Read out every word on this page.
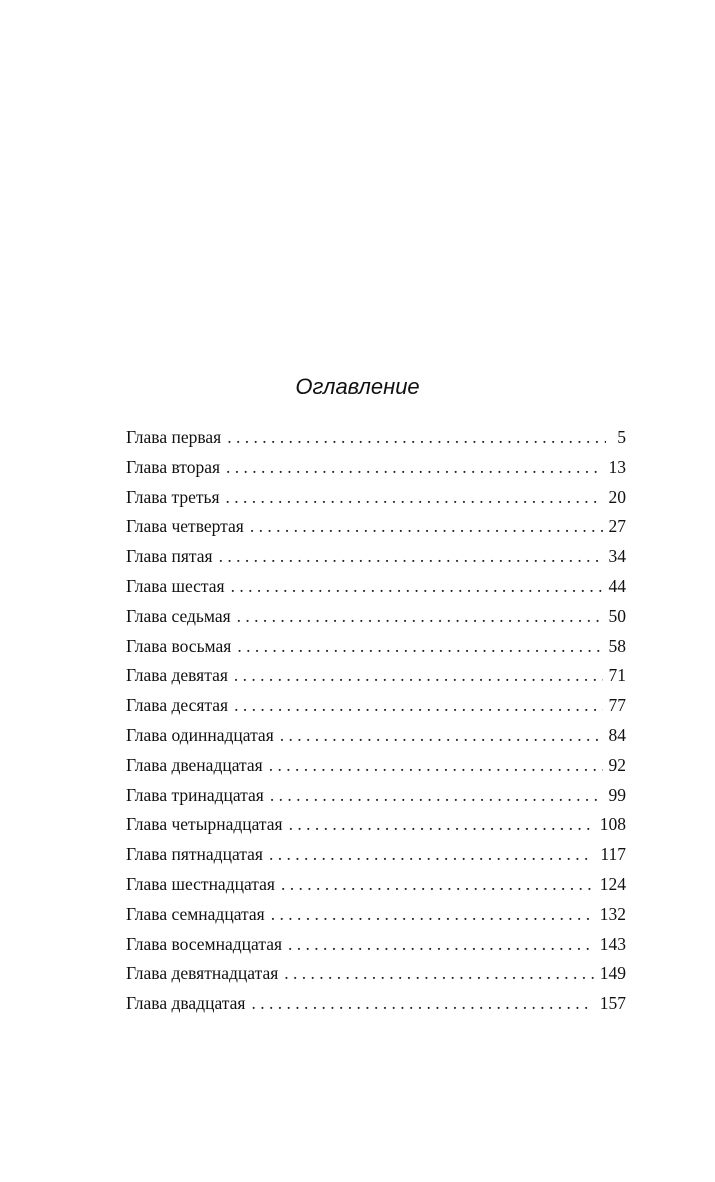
Оглавление
Глава первая . . .	5
Глава вторая . . .	13
Глава третья . . .	20
Глава четвертая . . .	27
Глава пятая . . .	34
Глава шестая . . .	44
Глава седьмая . . .	50
Глава восьмая . . .	58
Глава девятая . . .	71
Глава десятая . . .	77
Глава одиннадцатая . . .	84
Глава двенадцатая . . .	92
Глава тринадцатая . . .	99
Глава четырнадцатая . . .	108
Глава пятнадцатая . . .	117
Глава шестнадцатая . . .	124
Глава семнадцатая . . .	132
Глава восемнадцатая . . .	143
Глава девятнадцатая . . .	149
Глава двадцатая . . .	157
